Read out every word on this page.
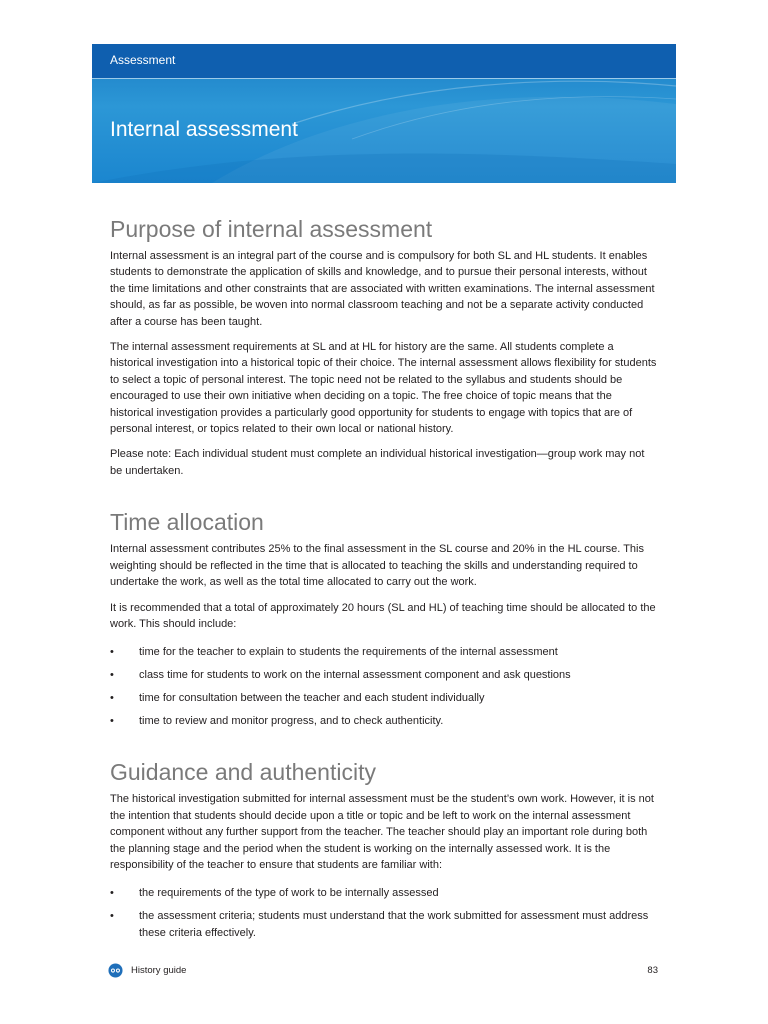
Assessment
Internal assessment
Purpose of internal assessment

Internal assessment is an integral part of the course and is compulsory for both SL and HL students. It enables students to demonstrate the application of skills and knowledge, and to pursue their personal interests, without the time limitations and other constraints that are associated with written examinations. The internal assessment should, as far as possible, be woven into normal classroom teaching and not be a separate activity conducted after a course has been taught.

The internal assessment requirements at SL and at HL for history are the same. All students complete a historical investigation into a historical topic of their choice. The internal assessment allows flexibility for students to select a topic of personal interest. The topic need not be related to the syllabus and students should be encouraged to use their own initiative when deciding on a topic. The free choice of topic means that the historical investigation provides a particularly good opportunity for students to engage with topics that are of personal interest, or topics related to their own local or national history.

Please note: Each individual student must complete an individual historical investigation—group work may not be undertaken.

Time allocation

Internal assessment contributes 25% to the final assessment in the SL course and 20% in the HL course. This weighting should be reflected in the time that is allocated to teaching the skills and understanding required to undertake the work, as well as the total time allocated to carry out the work.

It is recommended that a total of approximately 20 hours (SL and HL) of teaching time should be allocated to the work. This should include:

• time for the teacher to explain to students the requirements of the internal assessment
• class time for students to work on the internal assessment component and ask questions
• time for consultation between the teacher and each student individually
• time to review and monitor progress, and to check authenticity.
Guidance and authenticity

The historical investigation submitted for internal assessment must be the student’s own work. However, it is not the intention that students should decide upon a title or topic and be left to work on the internal assessment component without any further support from the teacher. The teacher should play an important role during both the planning stage and the period when the student is working on the internally assessed work. It is the responsibility of the teacher to ensure that students are familiar with:

• the requirements of the type of work to be internally assessed
• the assessment criteria; students must understand that the work submitted for assessment must address these criteria effectively.
History guide	83
